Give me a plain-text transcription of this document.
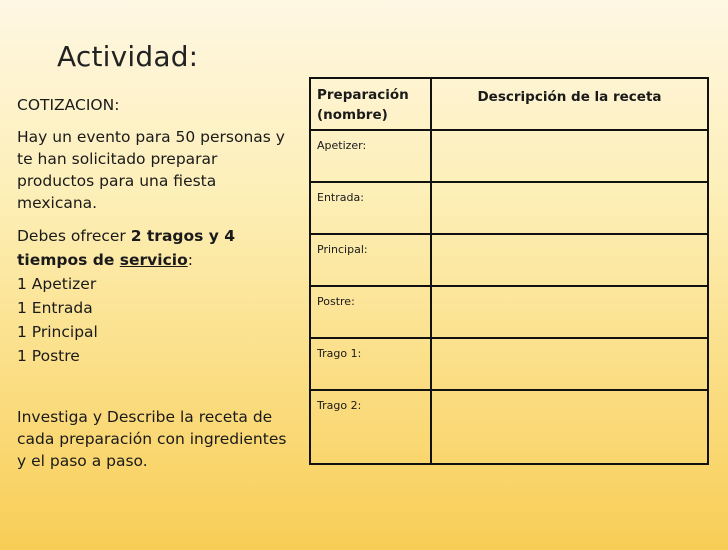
Actividad:

COTIZACION:

Hay un evento para 50 personas y te han solicitado preparar productos para una fiesta mexicana.

Debes ofrecer 2 tragos y 4 tiempos de servicio:

1 Apetizer
1 Entrada
1 Principal
1 Postre

Investiga y Describe la receta de cada preparación con ingredientes y el paso a paso.

Preparación (nombre)	Descripción de la receta
Apetizer:	
Entrada:	
Principal:	
Postre:	
Trago 1:	
Trago 2:	
